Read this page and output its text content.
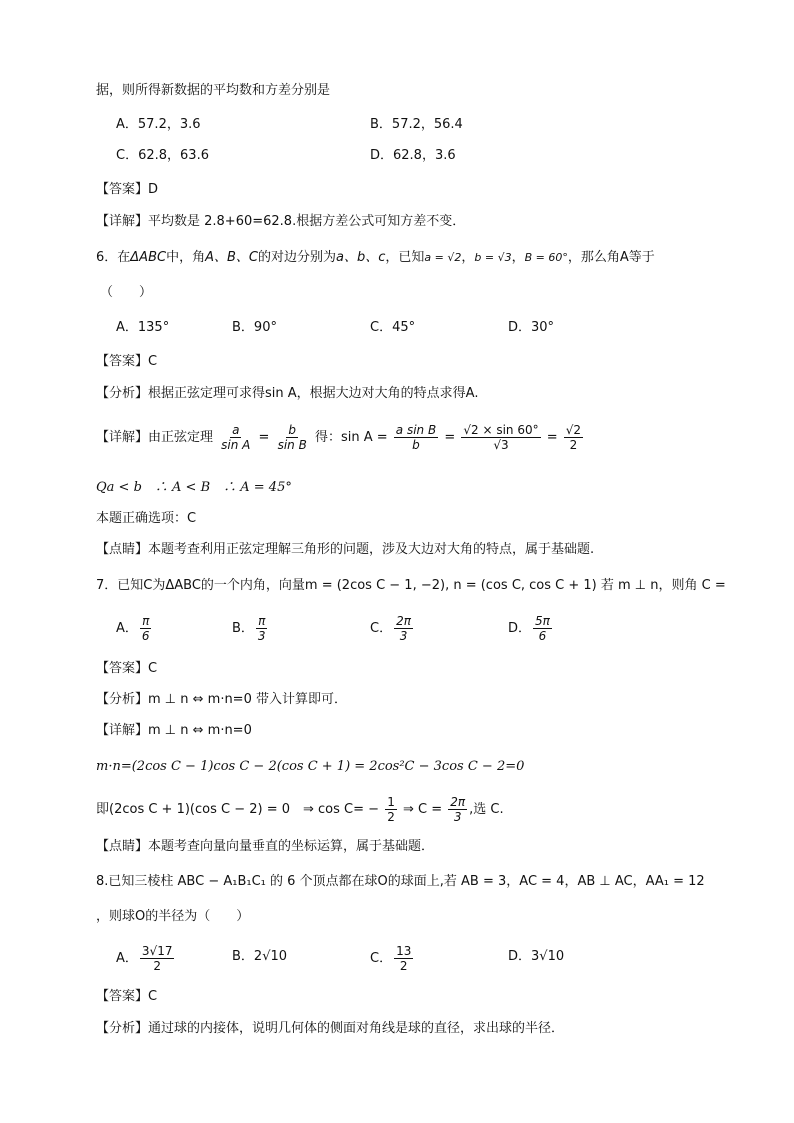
据，则所得新数据的平均数和方差分别是
A．57.2，3.6	B．57.2，56.4
C．62.8，63.6	D．62.8，3.6
【答案】D
【详解】平均数是 2.8+60=62.8.根据方差公式可知方差不变．
6．在ΔABC中，角A、B、C的对边分别为a、b、c，已知a = √2，b = √3，B = 60°，那么角A等于
（　　）
A．135°	B．90°	C．45°	D．30°
【答案】C
【分析】根据正弦定理可求得sin A，根据大边对大角的特点求得A.
【详解】由正弦定理 $\frac{a}{\text{sin A}} = \frac{b}{\text{sin B}}$ 得：$\sin A = \frac{\text{a sin B}}{b} = \frac{√2 \times \sin 60^\circ}{√3} = \frac{√2}{2}$
Qa < b　∴ A < B　∴ A = 45°
本题正确选项：C
【点睛】本题考查利用正弦定理解三角形的问题，涉及大边对大角的特点，属于基础题.
7．已知C为ΔABC的一个内角，向量m = (2cos C − 1, −2), n = (cos C, cos C + 1) 若 m ⊥ n，则角 C =
A． $\frac{\pi}{6}$	B． $\frac{\pi}{3}$	C． $\frac{2\pi}{3}$	D． $\frac{5\pi}{6}$
【答案】C
【分析】m ⊥ n ⇔ m·n=0 带入计算即可．
【详解】m ⊥ n ⇔ m·n=0
m·n=(2cos C − 1)cos C − 2(cos C + 1) = 2cos²C − 3cos C − 2=0
即(2cos C + 1)(cos C − 2) = 0　⇒ $\cos C= - \frac{1}{2}$ ⇒ $C = \frac{2\pi}{3}$ ,选 C.
【点睛】本题考查向量向量垂直的坐标运算，属于基础题．
8.已知三棱柱 ABC − A₁B₁C₁ 的 6 个顶点都在球O的球面上,若 AB = 3，AC = 4，AB ⊥ AC，AA₁ = 12
，则球O的半径为（　　）
A． $\frac{3√17}{2}$	B．2√10	C． $\frac{13}{2}$	D．3√10
【答案】C
【分析】通过球的内接体，说明几何体的侧面对角线是球的直径，求出球的半径．
